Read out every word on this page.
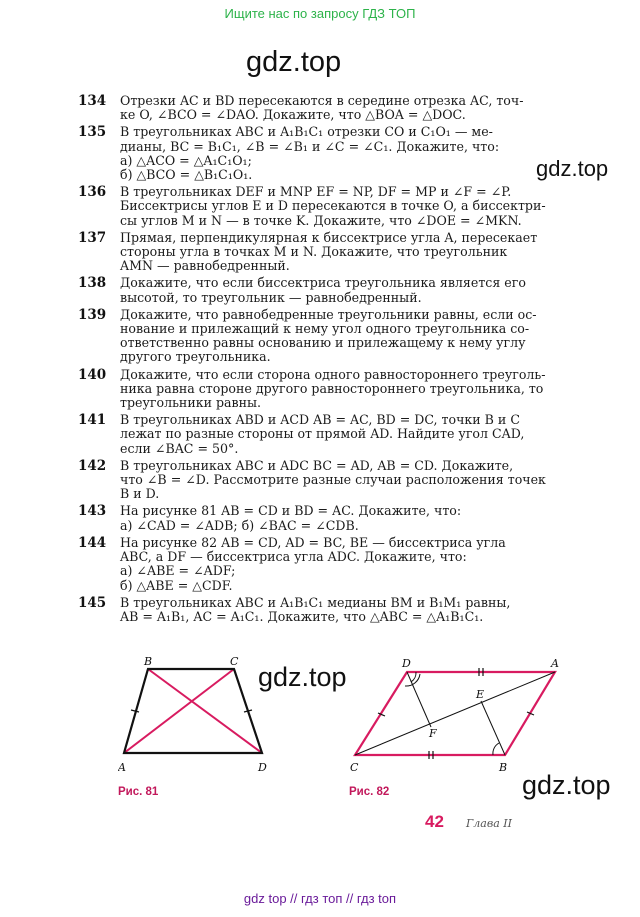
Ищите нас по запросу ГДЗ ТОП
gdz.top
gdz.top
134 Отрезки AC и BD пересекаются в середине отрезка AC, точ-
ке O, ∠BCO = ∠DAO. Докажите, что △BOA = △DOC.
135 В треугольниках ABC и A₁B₁C₁ отрезки CO и C₁O₁ — ме-
дианы, BC = B₁C₁, ∠B = ∠B₁ и ∠C = ∠C₁. Докажите, что:
а) △ACO = △A₁C₁O₁;
б) △BCO = △B₁C₁O₁.
136 В треугольниках DEF и MNP EF = NP, DF = MP и ∠F = ∠P.
Биссектрисы углов E и D пересекаются в точке O, а биссектри-
сы углов M и N — в точке K. Докажите, что ∠DOE = ∠MKN.
137 Прямая, перпендикулярная к биссектрисе угла A, пересекает
стороны угла в точках M и N. Докажите, что треугольник
AMN — равнобедренный.
138 Докажите, что если биссектриса треугольника является его
высотой, то треугольник — равнобедренный.
139 Докажите, что равнобедренные треугольники равны, если ос-
нование и прилежащий к нему угол одного треугольника со-
ответственно равны основанию и прилежащему к нему углу
другого треугольника.
140 Докажите, что если сторона одного равностороннего треуголь-
ника равна стороне другого равностороннего треугольника, то
треугольники равны.
141 В треугольниках ABD и ACD AB = AC, BD = DC, точки B и C
лежат по разные стороны от прямой AD. Найдите угол CAD,
если ∠BAC = 50°.
142 В треугольниках ABC и ADC BC = AD, AB = CD. Докажите,
что ∠B = ∠D. Рассмотрите разные случаи расположения точек
B и D.
143 На рисунке 81 AB = CD и BD = AC. Докажите, что:
а) ∠CAD = ∠ADB; б) ∠BAC = ∠CDB.
144 На рисунке 82 AB = CD, AD = BC, BE — биссектриса угла
ABC, а DF — биссектриса угла ADC. Докажите, что:
а) ∠ABE = ∠ADF;
б) △ABE = △CDF.
145 В треугольниках ABC и A₁B₁C₁ медианы BM и B₁M₁ равны,
AB = A₁B₁, AC = A₁C₁. Докажите, что △ABC = △A₁B₁C₁.
B	C
A	D
Рис. 81
gdz.top	D	A
E
F
C	B
Рис. 82	gdz.top
42 Глава II
gdz top // гдз топ // гдз toп
